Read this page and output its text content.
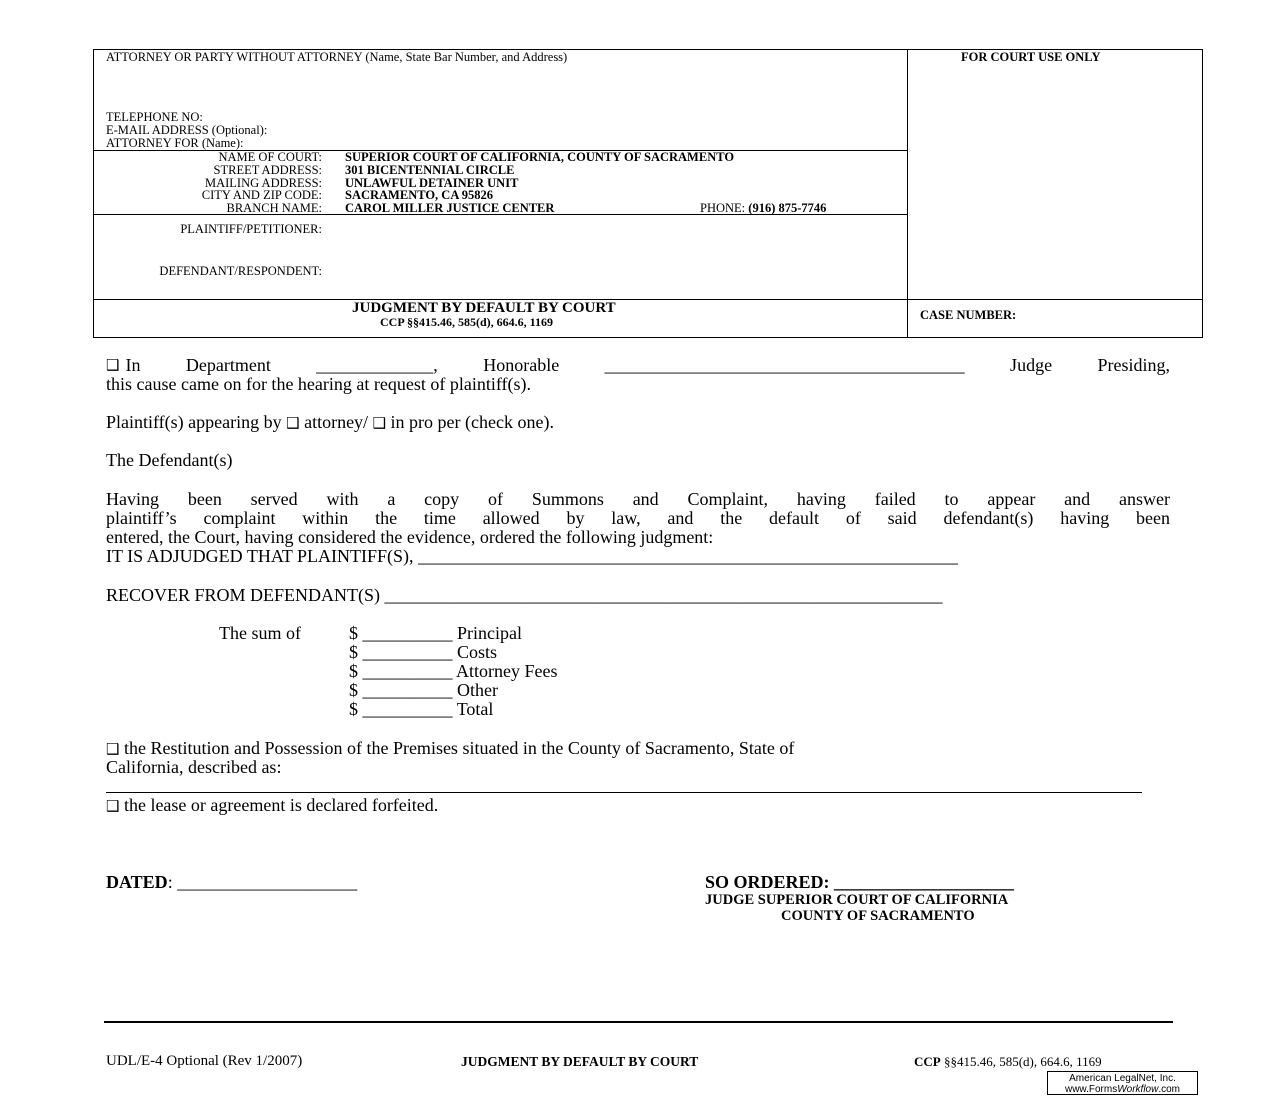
ATTORNEY OR PARTY WITHOUT ATTORNEY (Name, State Bar Number, and Address)	FOR COURT USE ONLY
TELEPHONE NO:
E-MAIL ADDRESS (Optional):
ATTORNEY FOR (Name):
NAME OF COURT: SUPERIOR COURT OF CALIFORNIA, COUNTY OF SACRAMENTO
STREET ADDRESS: 301 BICENTENNIAL CIRCLE
MAILING ADDRESS: UNLAWFUL DETAINER UNIT
CITY AND ZIP CODE: SACRAMENTO, CA 95826
BRANCH NAME: CAROL MILLER JUSTICE CENTER	PHONE: (916) 875-7746
PLAINTIFF/PETITIONER:
DEFENDANT/RESPONDENT:
JUDGMENT BY DEFAULT BY COURT
CCP §§415.46, 585(d), 664.6, 1169	CASE NUMBER:
❑ In Department _____________, Honorable ________________________________________ Judge Presiding,
this cause came on for the hearing at request of plaintiff(s).
Plaintiff(s) appearing by ❑ attorney/ ❑ in pro per (check one).
The Defendant(s)
Having been served with a copy of Summons and Complaint, having failed to appear and answer
plaintiff’s complaint within the time allowed by law, and the default of said defendant(s) having been
entered, the Court, having considered the evidence, ordered the following judgment:
IT IS ADJUDGED THAT PLAINTIFF(S), ____________________________________________________________
RECOVER FROM DEFENDANT(S) ______________________________________________________________
The sum of	$ __________ Principal
$ __________ Costs
$ __________ Attorney Fees
$ __________ Other
$ __________ Total
❑ the Restitution and Possession of the Premises situated in the County of Sacramento, State of
California, described as:
❑ the lease or agreement is declared forfeited.
DATED: ____________________	SO ORDERED: ____________________
JUDGE SUPERIOR COURT OF CALIFORNIA
COUNTY OF SACRAMENTO
UDL/E-4 Optional (Rev 1/2007)	JUDGMENT BY DEFAULT BY COURT	CCP §§415.46, 585(d), 664.6, 1169
American LegalNet, Inc.
www.FormsWorkflow.com
